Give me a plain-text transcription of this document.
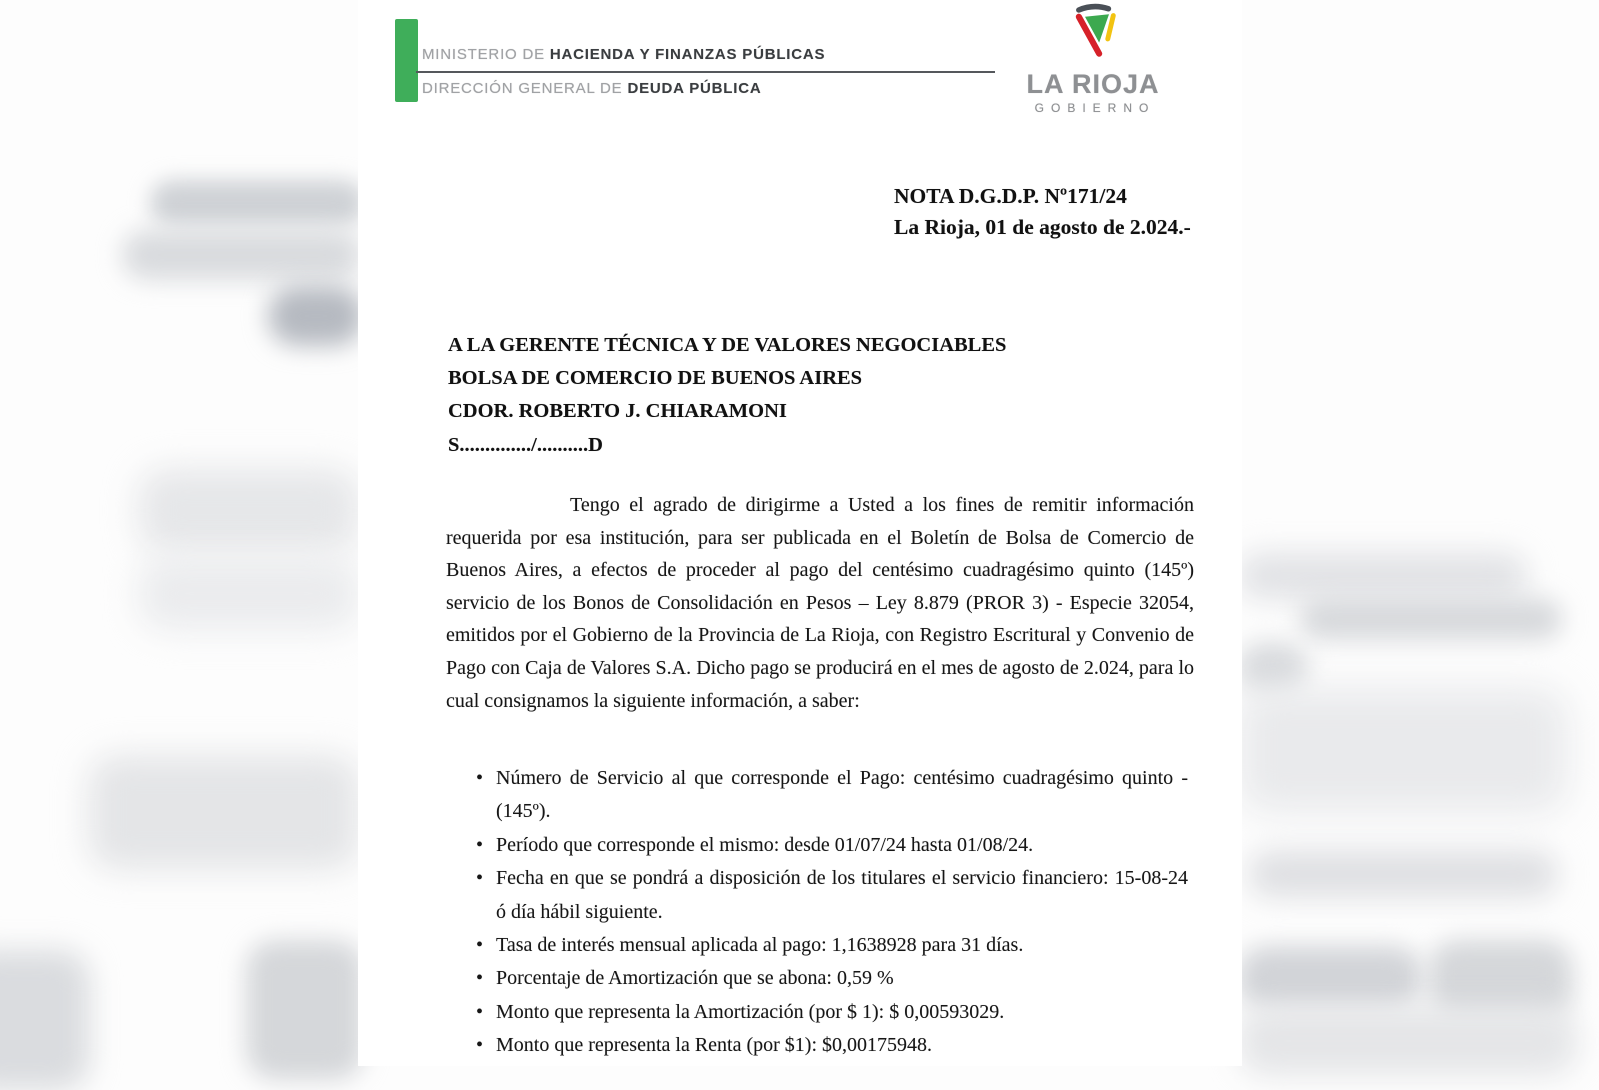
MINISTERIO DE HACIENDA Y FINANZAS PÚBLICAS
DIRECCIÓN GENERAL DE DEUDA PÚBLICA	LA RIOJA
GOBIERNO
NOTA D.G.D.P. Nº171/24
La Rioja, 01 de agosto de 2.024.-
A LA GERENTE TÉCNICA Y DE VALORES NEGOCIABLES
BOLSA DE COMERCIO DE BUENOS AIRES
CDOR. ROBERTO J. CHIARAMONI
S............../..........D

Tengo el agrado de dirigirme a Usted a los fines de remitir información requerida por esa institución, para ser publicada en el Boletín de Bolsa de Comercio de Buenos Aires, a efectos de proceder al pago del centésimo cuadragésimo quinto (145º) servicio de los Bonos de Consolidación en Pesos – Ley 8.879 (PROR 3) - Especie 32054, emitidos por el Gobierno de la Provincia de La Rioja, con Registro Escritural y Convenio de Pago con Caja de Valores S.A. Dicho pago se producirá en el mes de agosto de 2.024, para lo cual consignamos la siguiente información, a saber:

• Número de Servicio al que corresponde el Pago: centésimo cuadragésimo quinto - (145º).
• Período que corresponde el mismo: desde 01/07/24 hasta 01/08/24.
• Fecha en que se pondrá a disposición de los titulares el servicio financiero: 15-08-24 ó día hábil siguiente.
• Tasa de interés mensual aplicada al pago: 1,1638928 para 31 días.
• Porcentaje de Amortización que se abona: 0,59 %
• Monto que representa la Amortización (por $ 1): $ 0,00593029.
• Monto que representa la Renta (por $1): $0,00175948.
